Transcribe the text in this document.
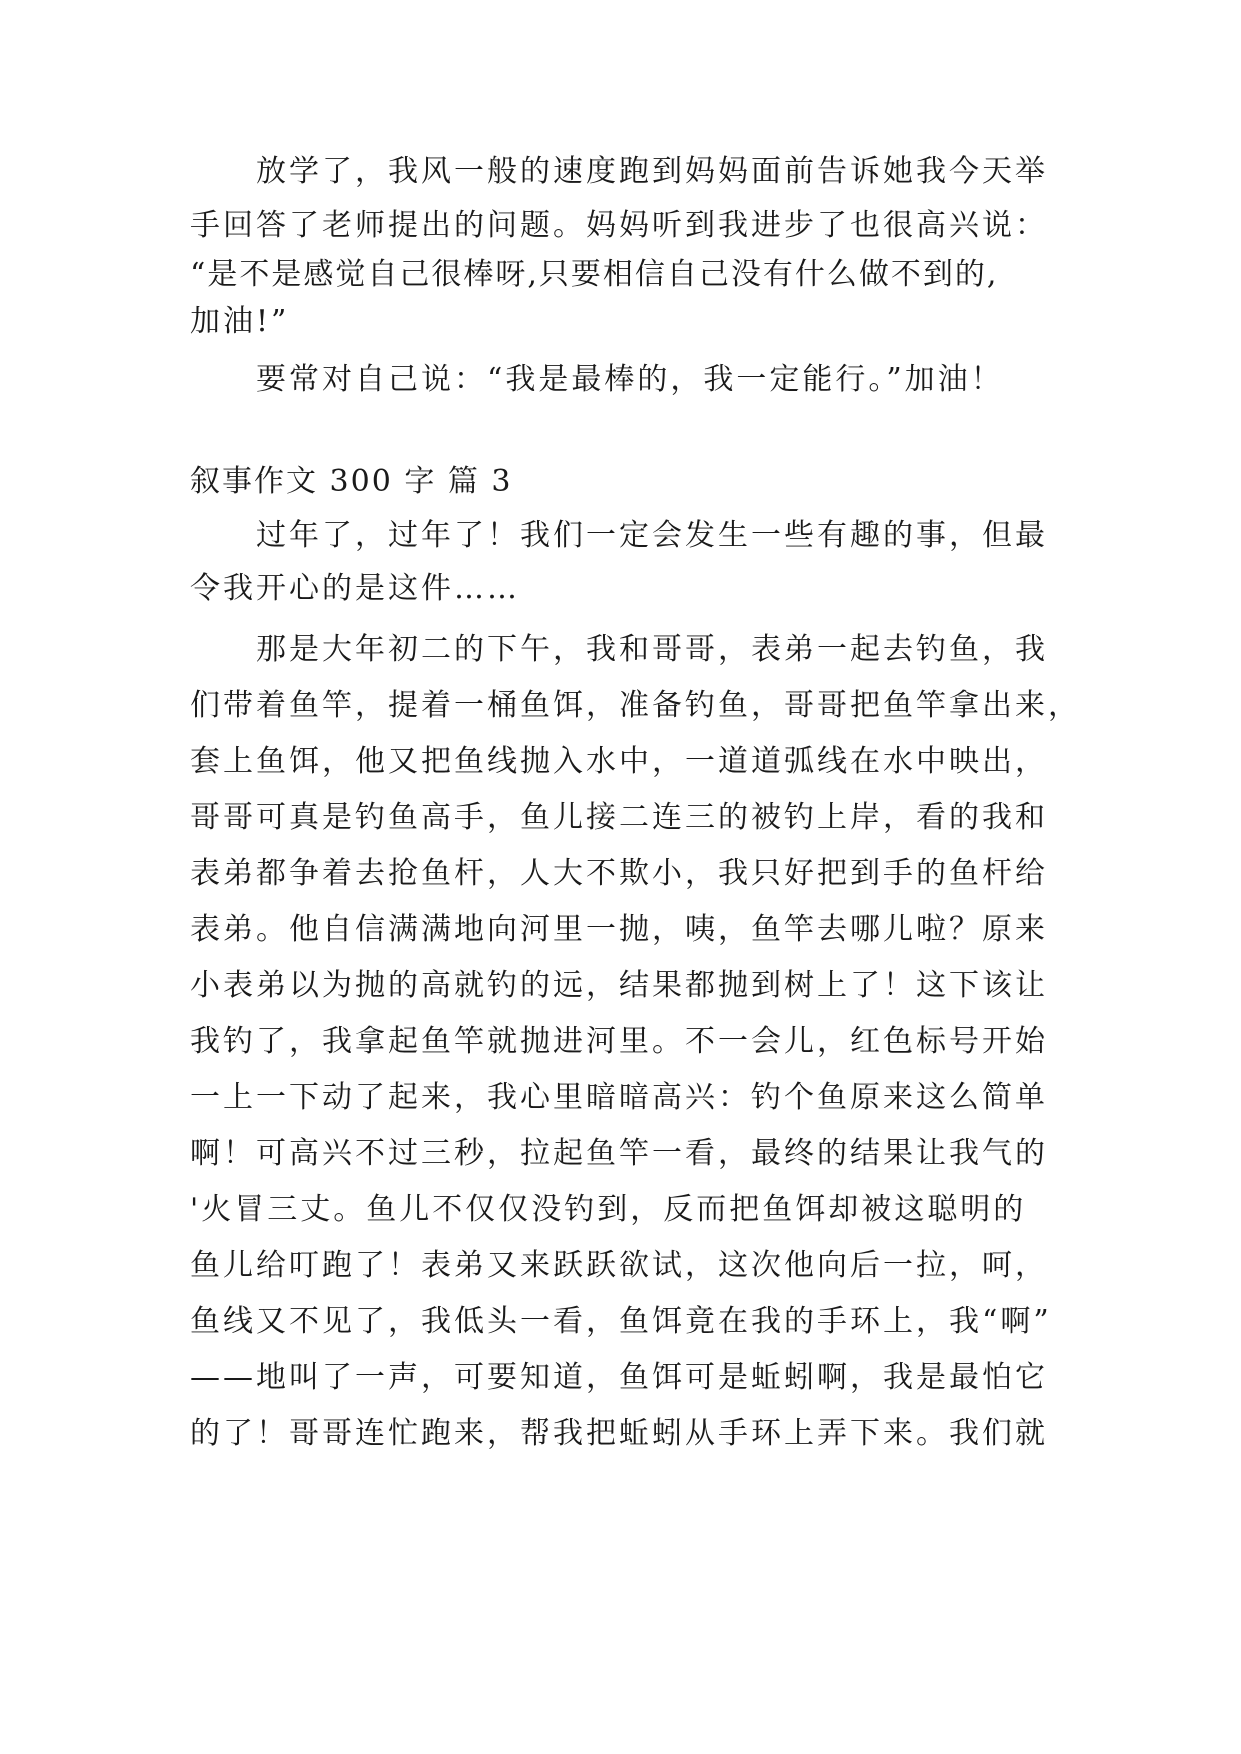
放学了，我风一般的速度跑到妈妈面前告诉她我今天举
手回答了老师提出的问题。妈妈听到我进步了也很高兴说：
“是不是感觉自己很棒呀,只要相信自己没有什么做不到的,
加油!”
要常对自己说：“我是最棒的，我一定能行。”加油！
叙事作文 300 字 篇 3
过年了，过年了！我们一定会发生一些有趣的事，但最
令我开心的是这件……
那是大年初二的下午，我和哥哥，表弟一起去钓鱼，我
们带着鱼竿，提着一桶鱼饵，准备钓鱼，哥哥把鱼竿拿出来，
套上鱼饵，他又把鱼线抛入水中，一道道弧线在水中映出，
哥哥可真是钓鱼高手，鱼儿接二连三的被钓上岸，看的我和
表弟都争着去抢鱼杆，人大不欺小，我只好把到手的鱼杆给
表弟。他自信满满地向河里一抛，咦，鱼竿去哪儿啦？原来
小表弟以为抛的高就钓的远，结果都抛到树上了！这下该让
我钓了，我拿起鱼竿就抛进河里。不一会儿，红色标号开始
一上一下动了起来，我心里暗暗高兴：钓个鱼原来这么简单
啊！可高兴不过三秒，拉起鱼竿一看，最终的结果让我气的
'火冒三丈。鱼儿不仅仅没钓到，反而把鱼饵却被这聪明的
鱼儿给叮跑了！表弟又来跃跃欲试，这次他向后一拉，呵，
鱼线又不见了，我低头一看，鱼饵竟在我的手环上，我“啊”
——地叫了一声，可要知道，鱼饵可是蚯蚓啊，我是最怕它
的了！哥哥连忙跑来，帮我把蚯蚓从手环上弄下来。我们就
